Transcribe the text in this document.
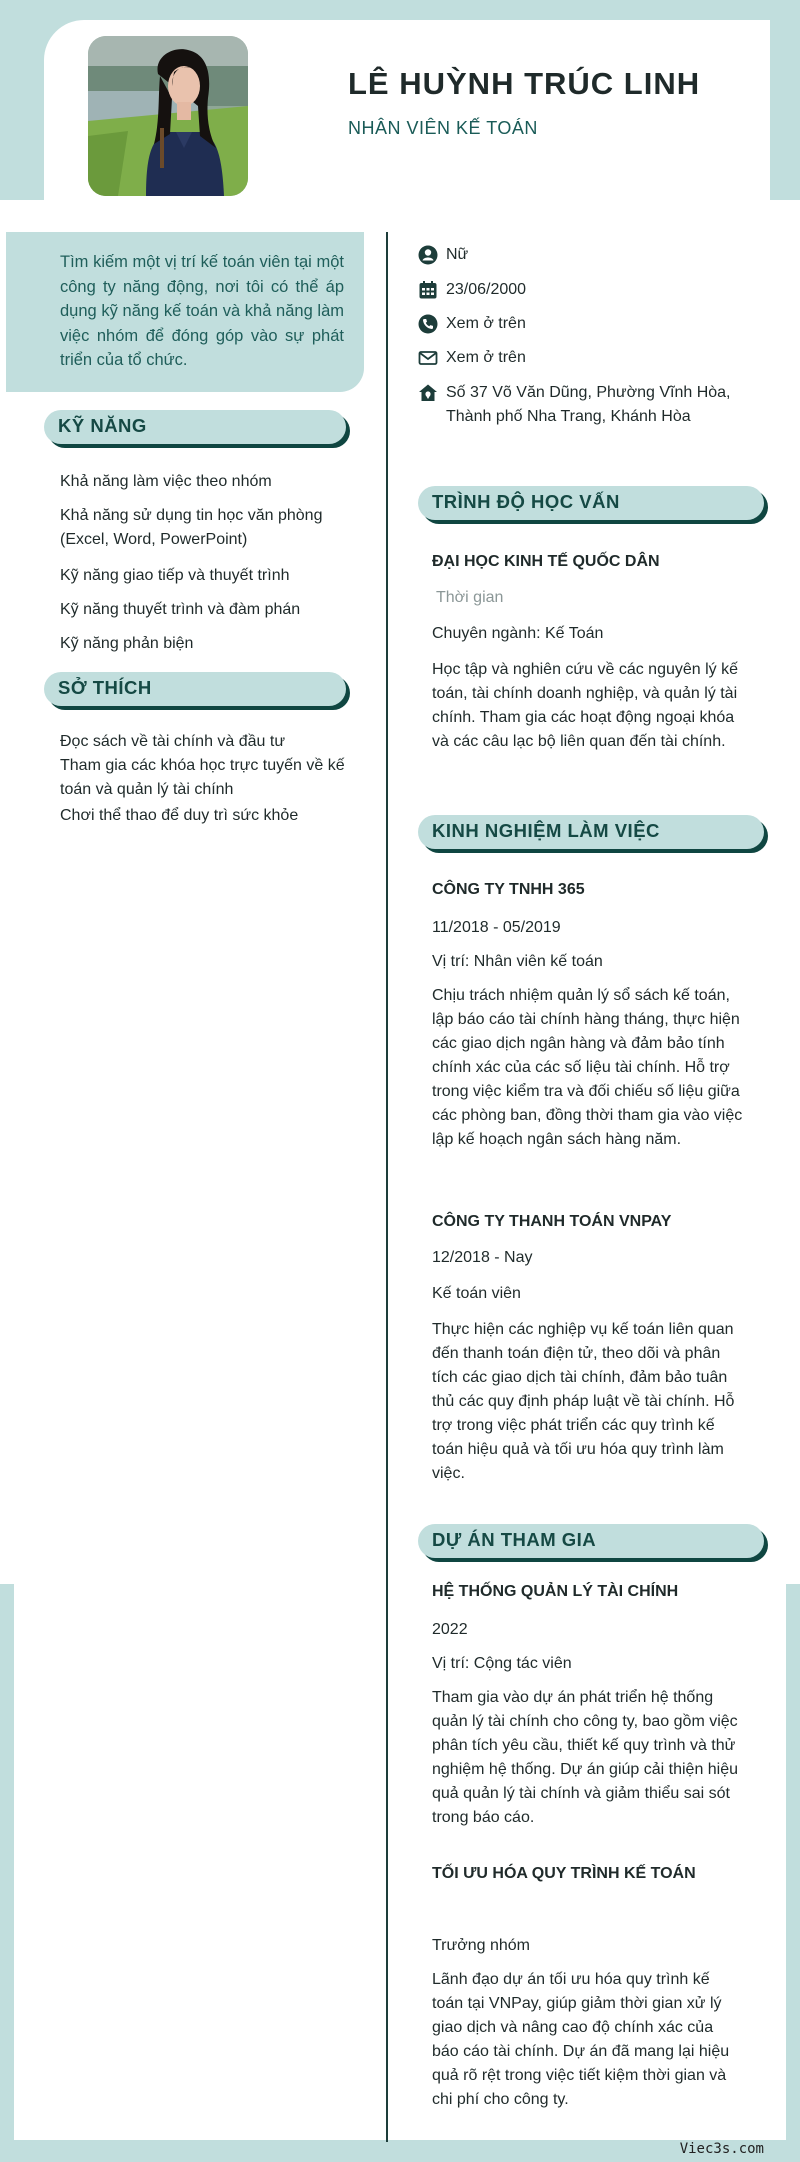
LÊ HUỲNH TRÚC LINH
NHÂN VIÊN KẾ TOÁN

Tìm kiếm một vị trí kế toán viên tại một công ty năng động, nơi tôi có thể áp dụng kỹ năng kế toán và khả năng làm việc nhóm để đóng góp vào sự phát triển của tổ chức.

KỸ NĂNG
Khả năng làm việc theo nhóm
Khả năng sử dụng tin học văn phòng (Excel, Word, PowerPoint)
Kỹ năng giao tiếp và thuyết trình
Kỹ năng thuyết trình và đàm phán
Kỹ năng phản biện
SỞ THÍCH
Đọc sách về tài chính và đầu tư
Tham gia các khóa học trực tuyến về kế toán và quản lý tài chính
Chơi thể thao để duy trì sức khỏe
Nữ
23/06/2000
Xem ở trên
Xem ở trên
Số 37 Võ Văn Dũng, Phường Vĩnh Hòa, Thành phố Nha Trang, Khánh Hòa
TRÌNH ĐỘ HỌC VẤN
ĐẠI HỌC KINH TẾ QUỐC DÂN
Thời gian
Chuyên ngành: Kế Toán
Học tập và nghiên cứu về các nguyên lý kế toán, tài chính doanh nghiệp, và quản lý tài chính. Tham gia các hoạt động ngoại khóa và các câu lạc bộ liên quan đến tài chính.
KINH NGHIỆM LÀM VIỆC
CÔNG TY TNHH 365
11/2018 - 05/2019
Vị trí: Nhân viên kế toán
Chịu trách nhiệm quản lý sổ sách kế toán, lập báo cáo tài chính hàng tháng, thực hiện các giao dịch ngân hàng và đảm bảo tính chính xác của các số liệu tài chính. Hỗ trợ trong việc kiểm tra và đối chiếu số liệu giữa các phòng ban, đồng thời tham gia vào việc lập kế hoạch ngân sách hàng năm.
CÔNG TY THANH TOÁN VNPAY
12/2018 - Nay
Kế toán viên
Thực hiện các nghiệp vụ kế toán liên quan đến thanh toán điện tử, theo dõi và phân tích các giao dịch tài chính, đảm bảo tuân thủ các quy định pháp luật về tài chính. Hỗ trợ trong việc phát triển các quy trình kế toán hiệu quả và tối ưu hóa quy trình làm việc.
DỰ ÁN THAM GIA
HỆ THỐNG QUẢN LÝ TÀI CHÍNH
2022
Vị trí: Cộng tác viên
Tham gia vào dự án phát triển hệ thống quản lý tài chính cho công ty, bao gồm việc phân tích yêu cầu, thiết kế quy trình và thử nghiệm hệ thống. Dự án giúp cải thiện hiệu quả quản lý tài chính và giảm thiểu sai sót trong báo cáo.
TỐI ƯU HÓA QUY TRÌNH KẾ TOÁN
Trưởng nhóm
Lãnh đạo dự án tối ưu hóa quy trình kế toán tại VNPay, giúp giảm thời gian xử lý giao dịch và nâng cao độ chính xác của báo cáo tài chính. Dự án đã mang lại hiệu quả rõ rệt trong việc tiết kiệm thời gian và chi phí cho công ty.
Viec3s.com
